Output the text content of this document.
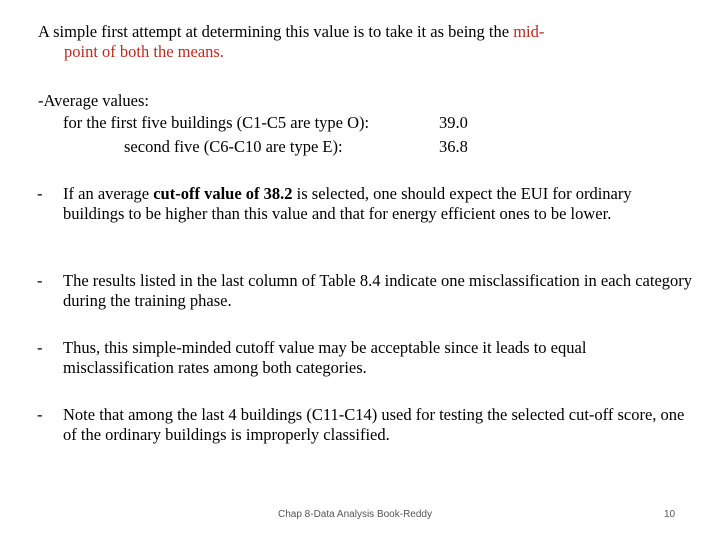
A simple first attempt at determining this value is to take it as being the mid-
point of both the means.
-Average values:
for the first five buildings (C1-C5 are type O):	39.0
second five (C6-C10 are type E):	36.8
- If an average cut-off value of 38.2 is selected, one should expect the EUI for ordinary buildings to be higher than this value and that for energy efficient ones to be lower.
- The results listed in the last column of Table 8.4 indicate one misclassification in each category during the training phase.
- Thus, this simple-minded cutoff value may be acceptable since it leads to equal misclassification rates among both categories.
- Note that among the last 4 buildings (C11-C14) used for testing the selected cut-off score, one of the ordinary buildings is improperly classified.
Chap 8-Data Analysis Book-Reddy	10
